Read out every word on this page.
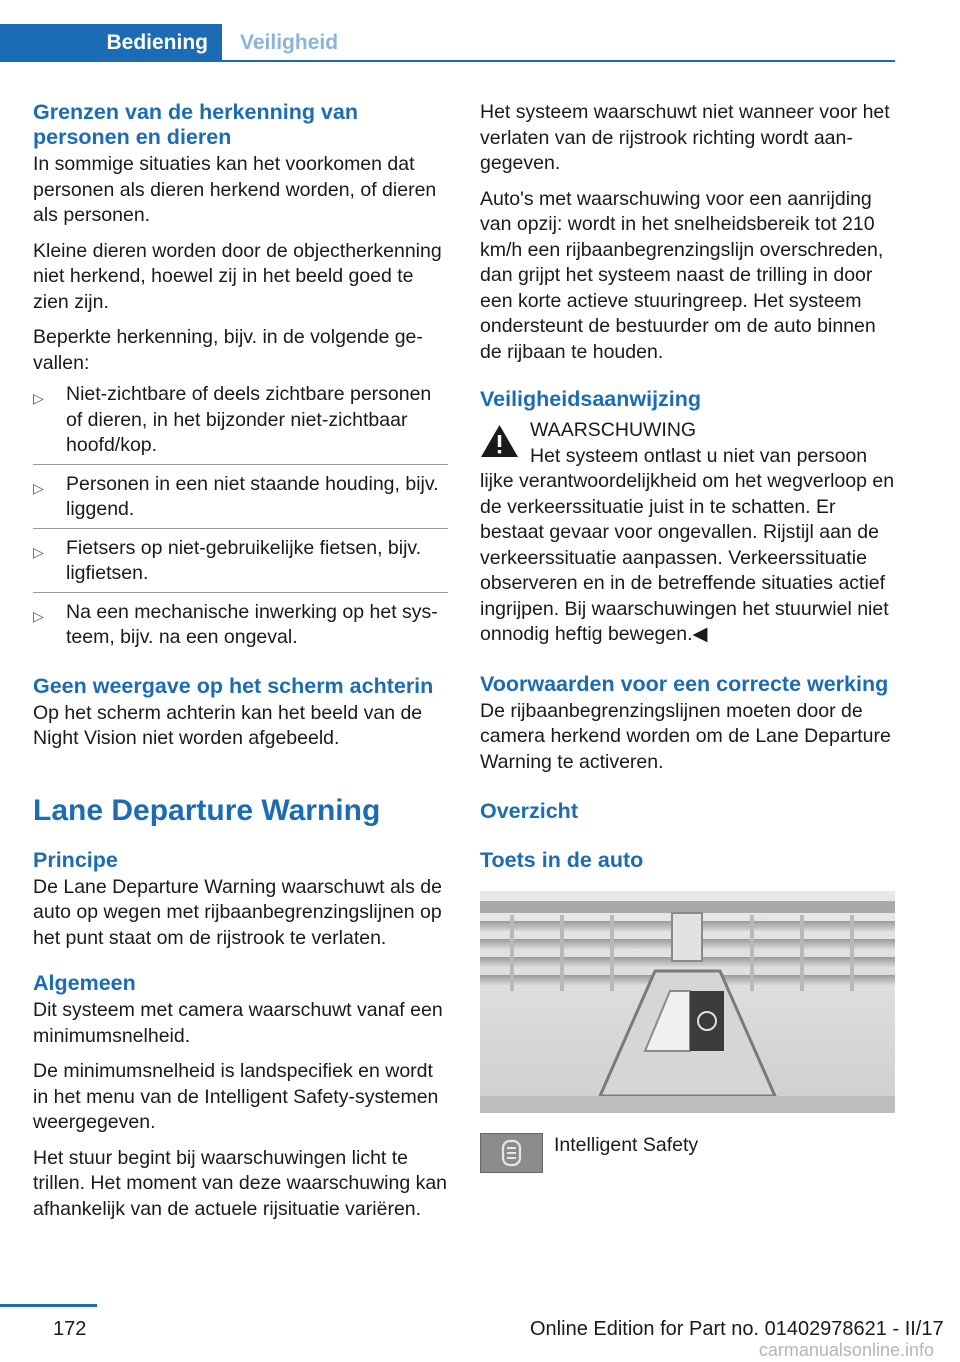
Bediening	Veiligheid
Grenzen van de herkenning van personen en dieren

In sommige situaties kan het voorkomen dat personen als dieren herkend worden, of dieren als personen.

Kleine dieren worden door de objectherkenning niet herkend, hoewel zij in het beeld goed te zien zijn.

Beperkte herkenning, bijv. in de volgende gevallen:

▷ Niet-zichtbare of deels zichtbare personen of dieren, in het bijzonder niet-zichtbaar hoofd/kop.
▷ Personen in een niet staande houding, bijv. liggend.
▷ Fietsers op niet-gebruikelijke fietsen, bijv. ligfietsen.
▷ Na een mechanische inwerking op het systeem, bijv. na een ongeval.
Geen weergave op het scherm achterin

Op het scherm achterin kan het beeld van de Night Vision niet worden afgebeeld.

Lane Departure Warning
Principe

De Lane Departure Warning waarschuwt als de auto op wegen met rijbaanbegrenzingslijnen op het punt staat om de rijstrook te verlaten.

Algemeen

Dit systeem met camera waarschuwt vanaf een minimumsnelheid.

De minimumsnelheid is landspecifiek en wordt in het menu van de Intelligent Safety-systemen weergegeven.

Het stuur begint bij waarschuwingen licht te trillen. Het moment van deze waarschuwing kan afhankelijk van de actuele rijsituatie variëren.

Het systeem waarschuwt niet wanneer voor het verlaten van de rijstrook richting wordt aangegeven.

Auto's met waarschuwing voor een aanrijding van opzij: wordt in het snelheidsbereik tot 210 km/h een rijbaanbegrenzingslijn overschreden, dan grijpt het systeem naast de trilling in door een korte actieve stuuringreep. Het systeem ondersteunt de bestuurder om de auto binnen de rijbaan te houden.

Veiligheidsaanwijzing
WAARSCHUWING
Het systeem ontlast u niet van persoon

lijke verantwoordelijkheid om het wegverloop en de verkeerssituatie juist in te schatten. Er bestaat gevaar voor ongevallen. Rijstijl aan de verkeerssituatie aanpassen. Verkeerssituatie observeren en in de betreffende situaties actief ingrijpen. Bij waarschuwingen het stuurwiel niet onnodig heftig bewegen.◀

Voorwaarden voor een correcte werking

De rijbaanbegrenzingslijnen moeten door de camera herkend worden om de Lane Departure Warning te activeren.

Overzicht
Toets in de auto
Intelligent Safety
172	Online Edition for Part no. 01402978621 - II/17
carmanualsonline.info
